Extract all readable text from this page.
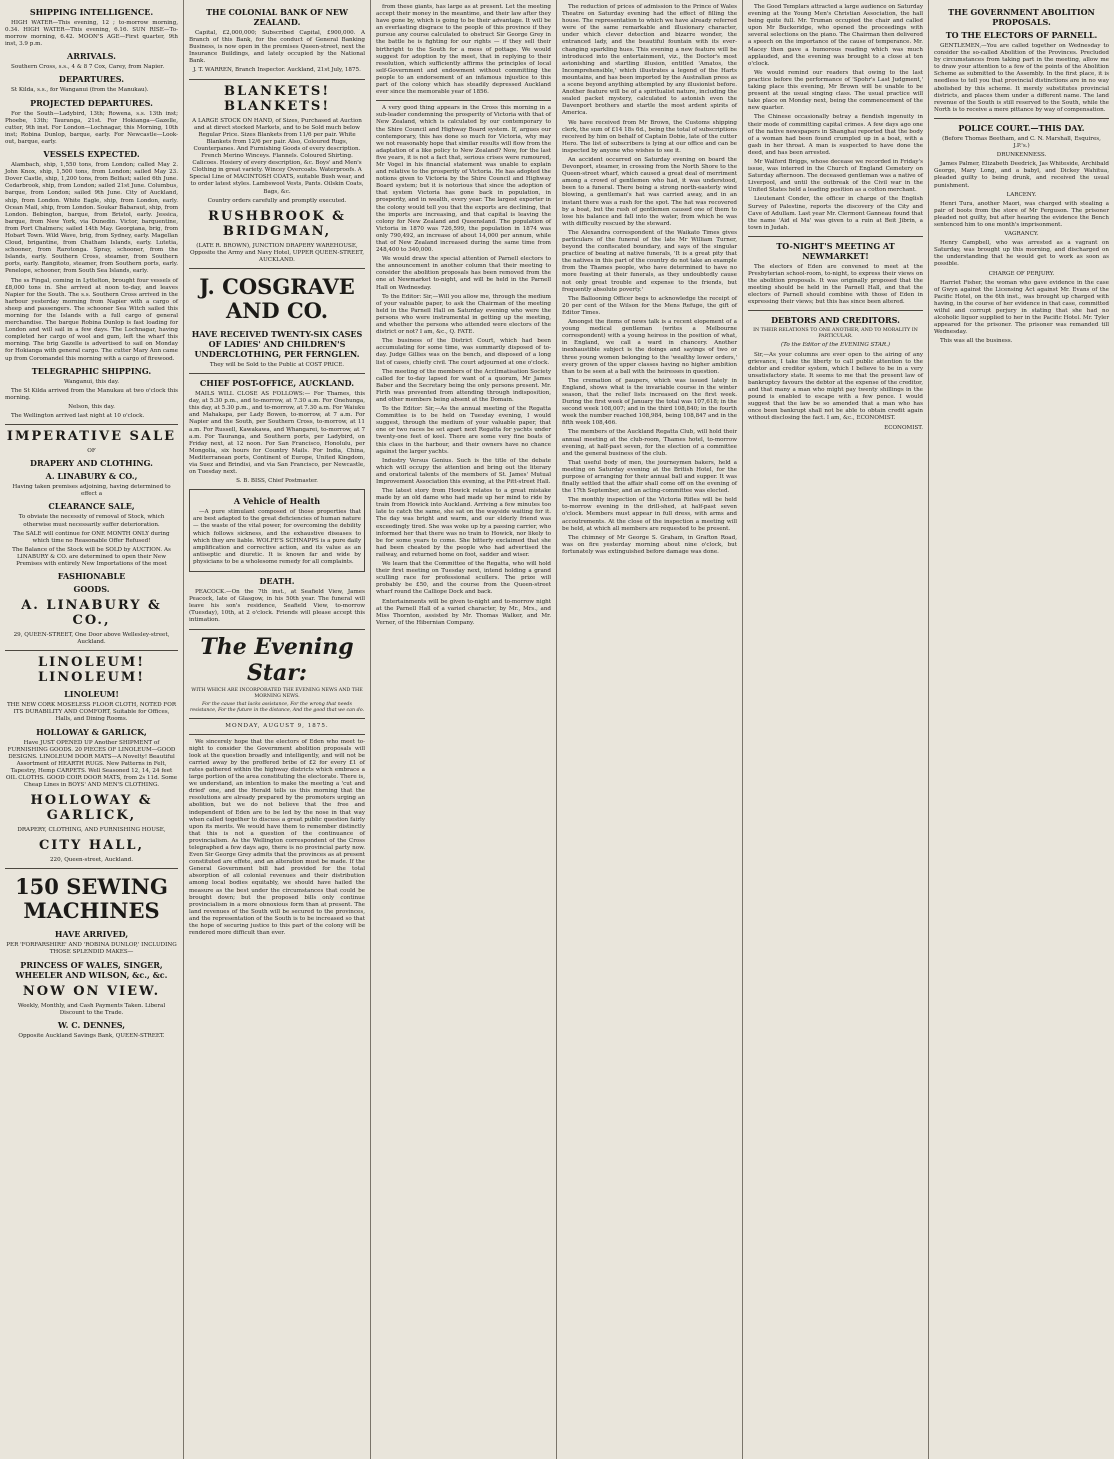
SHIPPING INTELLIGENCE.

HIGH WATER—This evening, 12 ; to-morrow morning, 0.34. HIGH WATER—This evening, 6.16. SUN RISE—To-morrow morning, 6.42. MOON'S AGE—First quarter, 9th inst, 3.9 p.m.

ARRIVALS.

Southern Cross, s.s., 4 & 8 7 Cox, Carey, from Napier.

DEPARTURES.

St Kilda, s.s., for Wanganui (from the Manukau).

PROJECTED DEPARTURES.

For the South—Ladybird, 13th; Rowena, s.s. 13th inst; Phoebe, 13th; Tauranga, 21st. For Hokianga—Gazelle, cutter, 9th inst. For London—Lochnagar, this Morning, 10th inst; Robina Dunlop, barque, early. For Newcastle—Look-out, barque, early.

VESSELS EXPECTED.

Alambach, ship, 1,550 tons, from London; called May 2. John Knox, ship, 1,500 tons, from London; sailed May 23. Dover Castle, ship, 1,200 tons, from Belfast; sailed 6th June. Cedarbrook, ship, from London; sailed 21st June. Columbus, barque, from London; sailed 9th June. City of Auckland, ship, from London. White Eagle, ship, from London, early. Ocean Mail, ship, from London. Soukar Babaraut, ship, from London. Bebington, barque, from Bristol, early. Jessica, barque, from New York, via Dunedin. Victor, barquentine, from Port Chalmers; sailed 14th May. Georgiana, brig, from Hobart Town. Wild Wave, brig, from Sydney, early. Magellan Cloud, brigantine, from Chatham Islands, early. Lutetia, schooner, from Rarotonga. Spray, schooner, from the Islands, early. Southern Cross, steamer, from Southern ports, early. Rangitoto, steamer, from Southern ports, early. Penelope, schooner, from South Sea Islands, early.

The ss Fingal, coming in Lyttelton, brought four vessels of £8,000 tons in. She arrived at noon to-day, and leaves Napier for the South. The s.s. Southern Cross arrived in the harbour yesterday morning from Napier with a cargo of sheep and passengers. The schooner Sea Witch sailed this morning for the Islands with a full cargo of general merchandise. The barque Robina Dunlop is fast loading for London and will sail in a few days. The Lochnagar, having completed her cargo of wool and gum, left the wharf this morning. The brig Gazelle is advertised to sail on Monday for Hokianga with general cargo. The cutter Mary Ann came up from Coromandel this morning with a cargo of firewood.

TELEGRAPHIC SHIPPING.
Wanganui, this day.

The St Kilda arrived from the Manukau at two o'clock this morning.

Nelson, this day.

The Wellington arrived last night at 10 o'clock.

IMPERATIVE SALE
OF
DRAPERY AND CLOTHING.
A. LINABURY & CO.,
Having taken premises adjoining, having determined to effect a
CLEARANCE SALE,
To obviate the necessity of removal of Stock, which otherwise must necessarily suffer deterioration.
The SALE will continue for ONE MONTH ONLY during which time no Reasonable Offer Refused!
The Balance of the Stock will be SOLD by AUCTION. As LINABURY & CO. are determined to open their New Premises with entirely New Importations of the most
FASHIONABLE
GOODS.
A. LINABURY & CO.,
29, QUEEN-STREET, One Door above Wellesley-street, Auckland.
LINOLEUM! LINOLEUM!
LINOLEUM!
THE NEW CORK MOSELESS FLOOR CLOTH, NOTED FOR ITS DURABILITY AND COMFORT, Suitable for Offices, Halls, and Dining Rooms.
HOLLOWAY & GARLICK,
Have JUST OPENED UP Another SHIPMENT of FURNISHING GOODS. 20 PIECES OF LINOLEUM—GOOD DESIGNS. LINOLEUM DOOR MATS—A Novelty! Beautiful Assortment of HEARTH RUGS. New Patterns in Felt, Tapestry, Hemp CARPETS. Well Seasoned 12, 14, 24 feet OIL CLOTHS. GOOD COIR DOOR MATS, from 2s 11d. Some Cheap Lines in BOYS' AND MEN'S CLOTHING.
HOLLOWAY & GARLICK,
DRAPERY, CLOTHING, AND FURNISHING HOUSE,
CITY HALL,
220, Queen-street, Auckland.
150 SEWING MACHINES
HAVE ARRIVED,
PER 'FORFARSHIRE' AND 'ROBINA DUNLOP,' INCLUDING THOSE SPLENDID MAKES—
PRINCESS OF WALES, SINGER, WHEELER AND WILSON, &c., &c.
NOW ON VIEW.
Weekly, Monthly, and Cash Payments Taken. Liberal Discount to the Trade.
W. C. DENNES,
Opposite Auckland Savings Bank, QUEEN-STREET.
THE COLONIAL BANK OF NEW ZEALAND.

Capital, £2,000,000; Subscribed Capital, £900,000. A Branch of this Bank, for the conduct of General Banking Business, is now open in the premises Queen-street, next the Insurance Buildings, and lately occupied by the National Bank.

J. T. WARREN, Branch Inspector. Auckland, 21st July, 1875.
BLANKETS! BLANKETS!
A LARGE STOCK ON HAND, of Sizes, Purchased at Auction and at direct stocked Markets, and to be Sold much below Regular Price. Sizes Blankets from 11/6 per pair. White Blankets from 12/6 per pair. Also, Coloured Rugs, Counterpanes. And Furnishing Goods of every description. French Merino Winceys. Flannels. Coloured Shirting. Calicoes. Hosiery of every description, &c. Boys' and Men's Clothing in great variety. Wincey Overcoats. Waterproofs. A Special Line of MACINTOSH COATS, suitable Bush wear, and to order latest styles. Lambswool Vests, Pants. Oilskin Coats, Bags, &c.
Country orders carefully and promptly executed.
RUSHBROOK & BRIDGMAN,
(LATE R. BROWN), JUNCTION DRAPERY WAREHOUSE, Opposite the Army and Navy Hotel, UPPER QUEEN-STREET, AUCKLAND.
J. COSGRAVE AND CO.
HAVE RECEIVED TWENTY-SIX CASES OF LADIES' AND CHILDREN'S UNDERCLOTHING, PER FERNGLEN.
They will be Sold to the Public at COST PRICE.
CHIEF POST-OFFICE, AUCKLAND.

MAILS WILL CLOSE AS FOLLOWS:— For Thames, this day, at 5.30 p.m., and to-morrow, at 7.30 a.m. For Onehunga, this day, at 5.30 p.m., and to-morrow, at 7.30 a.m. For Waiuku and Mahakapa, per Lady Bowen, to-morrow, at 7 a.m. For Napier and the South, per Southern Cross, to-morrow, at 11 a.m. For Russell, Kawakawa, and Whangarei, to-morrow, at 7 a.m. For Tauranga, and Southern ports, per Ladybird, on Friday next, at 12 noon. For San Francisco, Honolulu, per Mongolia, six hours for Country Mails. For India, China, Mediterranean ports, Continent of Europe, United Kingdom, via Suez and Brindisi, and via San Francisco, per Newcastle, on Tuesday next.

S. B. BISS, Chief Postmaster.
A Vehicle of Health

—A pure stimulant composed of those properties that are best adapted to the great deficiencies of human nature — the waste of the vital power, for overcoming the debility which follows sickness, and the exhaustive diseases to which they are liable. WOLFE'S SCHNAPPS is a pure daily amplification and corrective action, and its value as an antiseptic and diuretic. It is known far and wide by physicians to be a wholesome remedy for all complaints.

DEATH.

PEACOCK.—On the 7th inst., at Seafield View, James Peacock, late of Glasgow, in his 50th year. The funeral will leave his son's residence, Seafield View, to-morrow (Tuesday), 10th, at 2 o'clock. Friends will please accept this intimation.

The Evening Star:
WITH WHICH ARE INCORPORATED THE EVENING NEWS AND THE MORNING NEWS.
For the cause that lacks assistance, For the wrong that needs resistance, For the future in the distance, And the good that we can do.
MONDAY, AUGUST 9, 1875.

We sincerely hope that the electors of Eden who meet to-night to consider the Government abolition proposals will look at the question broadly and intelligently, and will not be carried away by the proffered bribe of £2 for every £1 of rates gathered within the highway districts which embrace a large portion of the area constituting the electorate. There is, we understand, an intention to make the meeting a 'cut and dried' one, and the Herald tells us this morning that the resolutions are already prepared by the promoters urging an abolition, but we do not believe that the free and independent of Eden are to be led by the nose in that way when called together to discuss a great public question fairly upon its merits. We would have them to remember distinctly that this is not a question of the continuance of provincialism. As the Wellington correspondent of the Cross telegraphed a few days ago, there is no provincial party now. Even Sir George Grey admits that the provinces as at present constituted are effete, and an alteration must be made. If the General Government bill had provided for the total absorption of all colonial revenues and their distribution among local bodies equitably, we should have hailed the measure as the best under the circumstances that could be brought down; but the proposed bills only continue provincialism in a more obnoxious form than at present. The land revenues of the South will be secured to the provinces, and the representation of the South is to be increased so that the hope of securing justice to this part of the colony will be rendered more difficult than ever.

from these giants, has large as at present. Let the meeting accept their money in the meantime, and their law after they have gone by, which is going to be their advantage. It will be an everlasting disgrace to the people of this province if they pursue any course calculated to obstruct Sir George Grey in the battle he is fighting for our rights — if they sell their birthright to the South for a mess of pottage. We would suggest for adoption by the meet, that in replying to their resolution, which sufficiently affirms the principles of local self-Government and endowment without committing the people to an endorsement of an infamous injustice to this part of the colony which has steadily depressed Auckland ever since the memorable year of 1856.

A very good thing appears in the Cross this morning in a sub-leader condemning the prosperity of Victoria with that of New Zealand, which is calculated by our contemporary to the Shire Council and Highway Board system. If, argues our contemporary, this has done so much for Victoria, why may we not reasonably hope that similar results will flow from the adaptation of a like policy to New Zealand? Now, for the last five years, it is not a fact that, serious crises were rumoured, Mr Vogel in his financial statement was unable to explain and relative to the prosperity of Victoria. He has adopted the notions given to Victoria by the Shire Council and Highway Board system; but it is notorious that since the adoption of that system Victoria has gone back in population, in prosperity, and in wealth, every year. The largest exporter in the colony would tell you that the exports are declining, that the imports are increasing, and that capital is leaving the colony for New Zealand and Queensland. The population of Victoria in 1870 was 726,599, the population in 1874 was only 790,492, an increase of about 14,000 per annum, while that of New Zealand increased during the same time from 248,400 to 340,000.

We would draw the special attention of Parnell electors to the announcement in another column that their meeting to consider the abolition proposals has been removed from the one at Newmarket to-night, and will be held in the Parnell Hall on Wednesday.

To the Editor: Sir,—Will you allow me, through the medium of your valuable paper, to ask the Chairman of the meeting held in the Parnell Hall on Saturday evening who were the persons who were instrumental in getting up the meeting, and whether the persons who attended were electors of the district or not? I am, &c., Q. FATE.

The business of the District Court, which had been accumulating for some time, was summarily disposed of to-day. Judge Gillies was on the bench, and disposed of a long list of cases, chiefly civil. The court adjourned at one o'clock.

The meeting of the members of the Acclimatisation Society called for to-day lapsed for want of a quorum, Mr James Baber and the Secretary being the only persons present. Mr. Firth was prevented from attending through indisposition, and other members being absent at the Domain.

To the Editor: Sir,—As the annual meeting of the Regatta Committee is to be held on Tuesday evening, I would suggest, through the medium of your valuable paper, that one or two races be set apart next Regatta for yachts under twenty-one feet of keel. There are some very fine boats of this class in the harbour, and their owners have no chance against the larger yachts.

Industry Versus Genius. Such is the title of the debate which will occupy the attention and bring out the literary and oratorical talents of the members of St. James' Mutual Improvement Association this evening, at the Pitt-street Hall.

The latest story from Howick relates to a great mistake made by an old dame who had made up her mind to ride by train from Howick into Auckland. Arriving a few minutes too late to catch the same, she sat on the wayside waiting for it. The day was bright and warm, and our elderly friend was exceedingly tired. She was woke up by a passing carrier, who informed her that there was no train to Howick, nor likely to be for some years to come. She bitterly exclaimed that she had been cheated by the people who had advertised the railway, and returned home on foot, sadder and wiser.

We learn that the Committee of the Regatta, who will hold their first meeting on Tuesday next, intend holding a grand sculling race for professional scullers. The prize will probably be £50, and the course from the Queen-street wharf round the Calliope Dock and back.

Entertainments will be given to-night and to-morrow night at the Parnell Hall of a varied character, by Mr., Mrs., and Miss Thornton, assisted by Mr. Thomas Walker, and Mr. Verner, of the Hibernian Company.

The reduction of prices of admission to the Prince of Wales Theatre on Saturday evening had the effect of filling the house. The representation to which we have already referred were of the same remarkable and illusionary character, under which clever detection and bizarre wonder, the entranced lady, and the beautiful fountain with its ever-changing sparkling hues. This evening a new feature will be introduced into the entertainment, viz., the Doctor's most astonishing and startling illusion, entitled 'Amatos, the Incomprehensible,' which illustrates a legend of the Harts mountains, and has been imported by the Australian press as a scene beyond anything attempted by any illusionist before. Another feature will be of a spiritualist nature, including the sealed packet mystery, calculated to astonish even the Davenport brothers and startle the most ardent spirits of America.

We have received from Mr Brown, the Customs shipping clerk, the sum of £14 18s 6d., being the total of subscriptions received by him on behalf of Captain Dobie, late of the cutter Hero. The list of subscribers is lying at our office and can be inspected by anyone who wishes to see it.

An accident occurred on Saturday evening on board the Devonport, steamer, in crossing from the North Shore to the Queen-street wharf, which caused a great deal of merriment among a crowd of gentlemen who had, it was understood, been to a funeral. There being a strong north-easterly wind blowing, a gentleman's hat was carried away, and in an instant there was a rush for the spot. The hat was recovered by a boat, but the rush of gentlemen caused one of them to lose his balance and fall into the water, from which he was with difficulty rescued by the steward.

The Alexandra correspondent of the Waikato Times gives particulars of the funeral of the late Mr William Turner, beyond the confiscated boundary, and says of the singular practice of beating at native funerals, 'It is a great pity that the natives in this part of the country do not take an example from the Thames people, who have determined to have no more feasting at their funerals, as they undoubtedly cause not only great trouble and expense to the friends, but frequently absolute poverty.'

The Ballooning Officer begs to acknowledge the receipt of 20 per cent of the Wilson for the Mens Refuge, the gift of Editor Times.

Amongst the items of news talk is a recent elopement of a young medical gentleman (writes a Melbourne correspondent) with a young heiress in the position of what, in England, we call a ward in chancery. Another inexhaustible subject is the doings and sayings of two or three young women belonging to the 'wealthy lower orders,' every grown of the upper classes having no higher ambition than to be seen at a ball with the heiresses in question.

The cremation of paupers, which was issued lately in England, shows what is the invariable course in the winter season, that the relief lists increased on the first week. During the first week of January the total was 107,618; in the second week 108,007; and in the third 108,840; in the fourth week the number reached 108,984, being 108,847 and in the fifth week 108,466.

The members of the Auckland Regatta Club, will hold their annual meeting at the club-room, Thames hotel, to-morrow evening, at half-past seven, for the election of a committee and the general business of the club.

That useful body of men, the journeymen bakers, held a meeting on Saturday evening at the British Hotel, for the purpose of arranging for their annual ball and supper. It was finally settled that the affair shall come off on the evening of the 17th September, and an acting-committee was elected.

The monthly inspection of the Victoria Rifles will be held to-morrow evening in the drill-shed, at half-past seven o'clock. Members must appear in full dress, with arms and accoutrements. At the close of the inspection a meeting will be held, at which all members are requested to be present.

The chimney of Mr George S. Graham, in Grafton Road, was on fire yesterday morning about nine o'clock, but fortunately was extinguished before damage was done.

The Good Templars attracted a large audience on Saturday evening at the Young Men's Christian Association, the hall being quite full. Mr. Truman occupied the chair and called upon Mr Buckeridge, who opened the proceedings with several selections on the piano. The Chairman then delivered a speech on the importance of the cause of temperance. Mr. Macey then gave a humorous reading which was much applauded, and the evening was brought to a close at ten o'clock.

We would remind our readers that owing to the last practice before the performance of 'Spohr's Last Judgment,' taking place this evening, Mr Brown will be unable to be present at the usual singing class. The usual practice will take place on Monday next, being the commencement of the new quarter.

The Chinese occasionally betray a fiendish ingenuity in their mode of committing capital crimes. A few days ago one of the native newspapers in Shanghai reported that the body of a woman had been found crumpled up in a boat, with a gash in her throat. A man is suspected to have done the deed, and has been arrested.

Mr Walford Briggs, whose decease we recorded in Friday's issue, was interred in the Church of England Cemetery on Saturday afternoon. The deceased gentleman was a native of Liverpool, and until the outbreak of the Civil war in the United States held a leading position as a cotton merchant.

Lieutenant Conder, the officer in charge of the English Survey of Palestine, reports the discovery of the City and Cave of Adullam. Last year Mr. Clermont Ganneau found that the name 'Aid el Ma' was given to a ruin at Beit Jibrin, a town in Judah.

TO-NIGHT'S MEETING AT NEWMARKET!

The electors of Eden are convened to meet at the Presbyterian school-room, to-night, to express their views on the abolition proposals. It was originally proposed that the meeting should be held in the Parnell Hall, and that the electors of Parnell should combine with those of Eden in expressing their views; but this has since been altered.

DEBTORS AND CREDITORS.
IN THEIR RELATIONS TO ONE ANOTHER, AND TO MORALITY IN PARTICULAR.
(To the Editor of the EVENING STAR.)

Sir,—As your columns are ever open to the airing of any grievance, I take the liberty to call public attention to the debtor and creditor system, which I believe to be in a very unsatisfactory state. It seems to me that the present law of bankruptcy favours the debtor at the expense of the creditor, and that many a man who might pay twenty shillings in the pound is enabled to escape with a few pence. I would suggest that the law be so amended that a man who has once been bankrupt shall not be able to obtain credit again without disclosing the fact. I am, &c., ECONOMIST.

ECONOMIST.
THE GOVERNMENT ABOLITION PROPOSALS.
TO THE ELECTORS OF PARNELL.

GENTLEMEN,—You are called together on Wednesday to consider the so-called Abolition of the Provinces. Precluded by circumstances from taking part in the meeting, allow me to draw your attention to a few of the points of the Abolition Scheme as submitted to the Assembly. In the first place, it is needless to tell you that provincial distinctions are in no way abolished by this scheme. It merely substitutes provincial districts, and places them under a different name. The land revenue of the South is still reserved to the South, while the North is to receive a mere pittance by way of compensation.

POLICE COURT.—THIS DAY.
(Before Thomas Beetham, and C. N. Marshall, Esquires, J.P.'s.)
DRUNKENNESS.

James Palmer, Elizabeth Deedrick, Jas Whiteside, Archibald George, Mary Long, and a babyl, and Dickey Wahitua, pleaded guilty to being drunk, and received the usual punishment.

LARCENY.

Henri Tura, another Maori, was charged with stealing a pair of boots from the store of Mr Ferguson. The prisoner pleaded not guilty, but after hearing the evidence the Bench sentenced him to one month's imprisonment.

VAGRANCY.

Henry Campbell, who was arrested as a vagrant on Saturday, was brought up this morning, and discharged on the understanding that he would get to work as soon as possible.

CHARGE OF PERJURY.

Harriet Fisher, the woman who gave evidence in the case of Gwyn against the Licensing Act against Mr. Evans of the Pacific Hotel, on the 6th inst., was brought up charged with having, in the course of her evidence in that case, committed wilful and corrupt perjury in stating that she had no alcoholic liquor supplied to her in the Pacific Hotel. Mr. Tyler appeared for the prisoner. The prisoner was remanded till Wednesday.

This was all the business.
